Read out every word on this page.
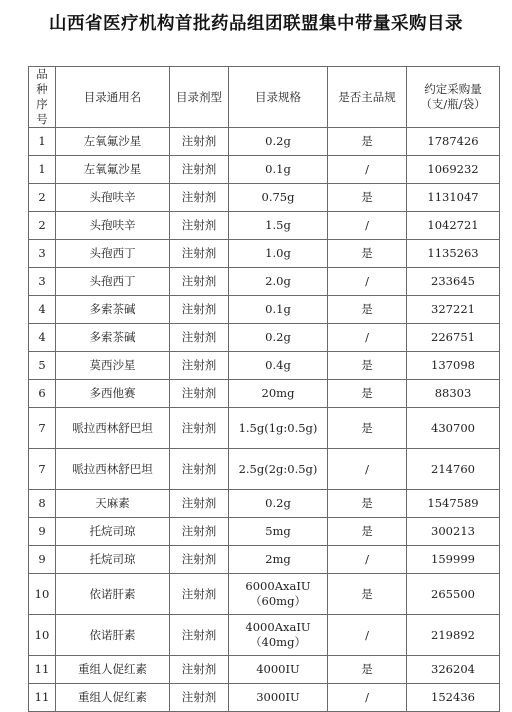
山西省医疗机构首批药品组团联盟集中带量采购目录
品种
序号	目录通用名	目录剂型	目录规格	是否主品规	约定采购量
（支/瓶/袋）

1	左氧氟沙星	注射剂	0.2g	是	1787426
1	左氧氟沙星	注射剂	0.1g	/	1069232
2	头孢呋辛	注射剂	0.75g	是	1131047
2	头孢呋辛	注射剂	1.5g	/	1042721
3	头孢西丁	注射剂	1.0g	是	1135263
3	头孢西丁	注射剂	2.0g	/	233645
4	多索茶碱	注射剂	0.1g	是	327221
4	多索茶碱	注射剂	0.2g	/	226751
5	莫西沙星	注射剂	0.4g	是	137098
6	多西他赛	注射剂	20mg	是	88303
7	哌拉西林舒巴坦	注射剂	1.5g(1g:0.5g)	是	430700
7	哌拉西林舒巴坦	注射剂	2.5g(2g:0.5g)	/	214760
8	天麻素	注射剂	0.2g	是	1547589
9	托烷司琼	注射剂	5mg	是	300213
9	托烷司琼	注射剂	2mg	/	159999
10	依诺肝素	注射剂	6000AxaIU
（60mg）	是	265500
10	依诺肝素	注射剂	4000AxaIU
（40mg）	/	219892
11	重组人促红素	注射剂	4000IU	是	326204
11	重组人促红素	注射剂	3000IU	/	152436
